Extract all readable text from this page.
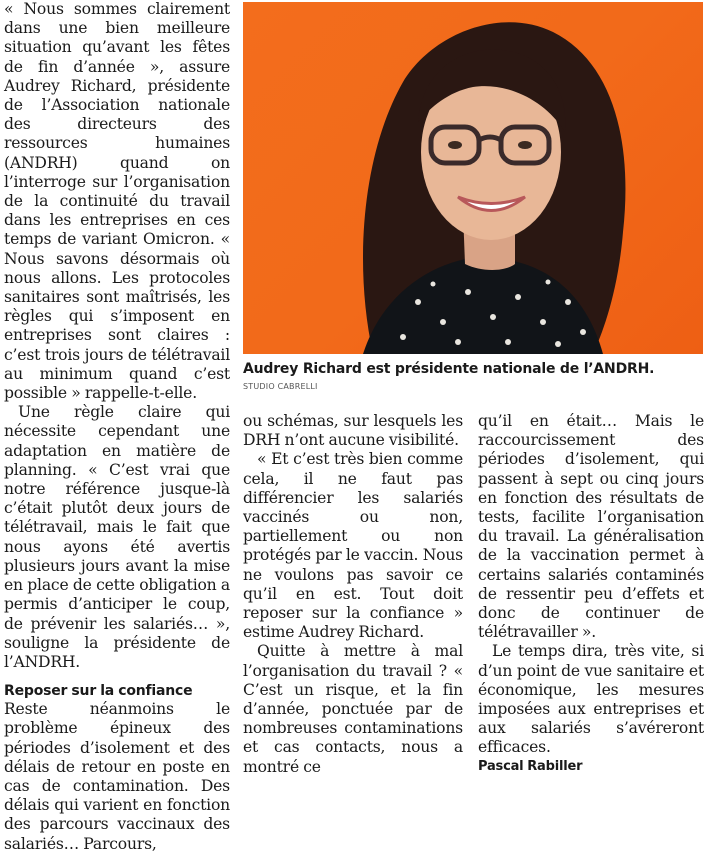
« Nous sommes clairement dans une bien meilleure situation qu’avant les fêtes de fin d’année », assure Audrey Richard, présidente de l’Association nationale des directeurs des ressources humaines (ANDRH) quand on l’interroge sur l’organisation de la continuité du travail dans les entreprises en ces temps de variant Omicron. « Nous savons désormais où nous allons. Les protocoles sanitaires sont maîtrisés, les règles qui s’imposent en entreprises sont claires : c’est trois jours de télétravail au minimum quand c’est possible » rappelle-t-elle.

Une règle claire qui nécessite cependant une adaptation en matière de planning. « C’est vrai que notre référence jusque-là c’était plutôt deux jours de télétravail, mais le fait que nous ayons été avertis plusieurs jours avant la mise en place de cette obligation a permis d’anticiper le coup, de prévenir les salariés… », souligne la présidente de l’ANDRH.

Reposer sur la confiance

Reste néanmoins le problème épineux des périodes d’isolement et des délais de retour en poste en cas de contamination. Des délais qui varient en fonction des parcours vaccinaux des salariés… Parcours,

Audrey Richard est présidente nationale de l’ANDRH.
STUDIO CABRELLI

ou schémas, sur lesquels les DRH n’ont aucune visibilité.

« Et c’est très bien comme cela, il ne faut pas différencier les salariés vaccinés ou non, partiellement ou non protégés par le vaccin. Nous ne voulons pas savoir ce qu’il en est. Tout doit reposer sur la confiance » estime Audrey Richard.

Quitte à mettre à mal l’organisation du travail ? « C’est un risque, et la fin d’année, ponctuée par de nombreuses contaminations et cas contacts, nous a montré ce

qu’il en était… Mais le raccourcissement des périodes d’isolement, qui passent à sept ou cinq jours en fonction des résultats de tests, facilite l’organisation du travail. La généralisation de la vaccination permet à certains salariés contaminés de ressentir peu d’effets et donc de continuer de télétravailler ».

Le temps dira, très vite, si d’un point de vue sanitaire et économique, les mesures imposées aux entreprises et aux salariés s’avéreront efficaces.

Pascal Rabiller
